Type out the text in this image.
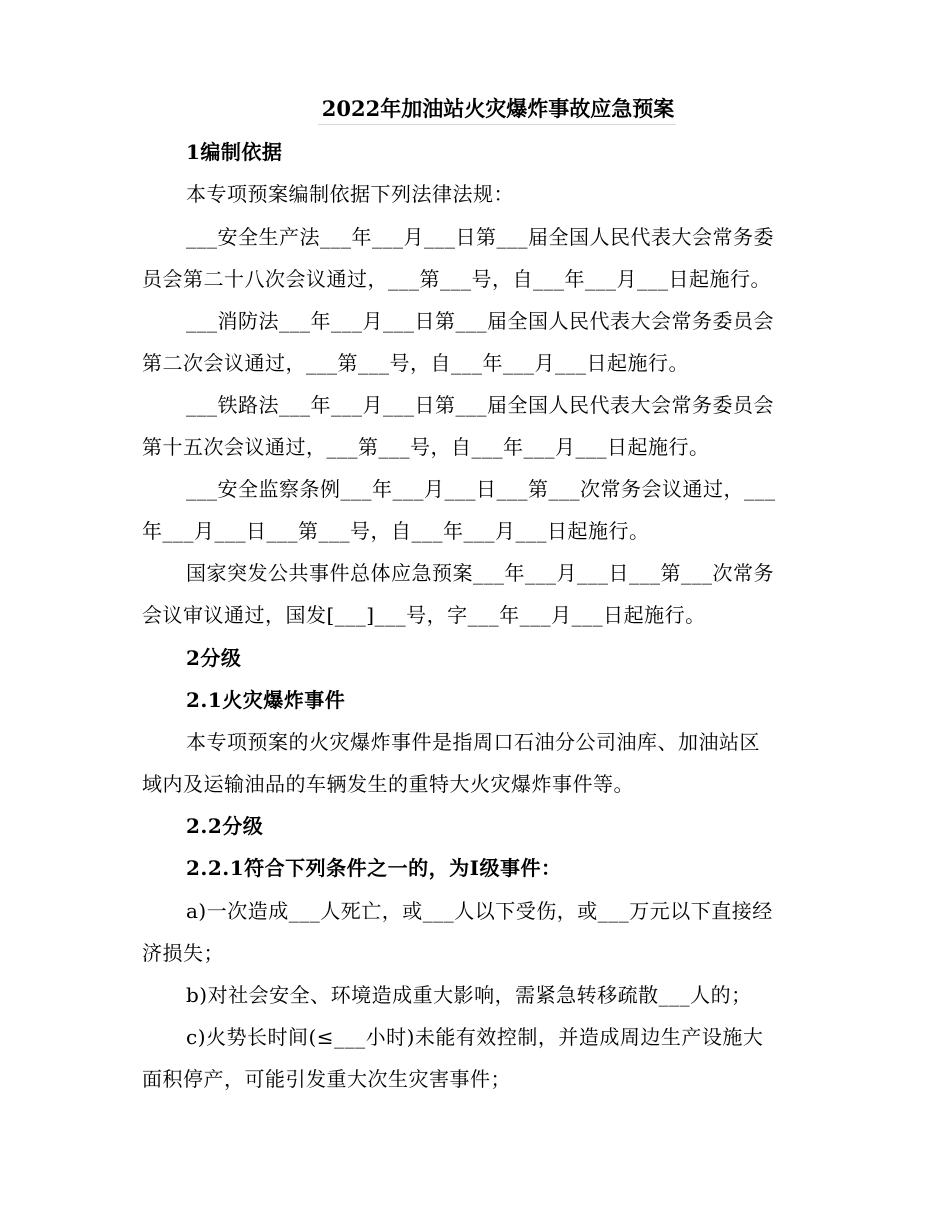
2022年加油站火灾爆炸事故应急预案
1编制依据
本专项预案编制依据下列法律法规：
___安全生产法___年___月___日第___届全国人民代表大会常务委
员会第二十八次会议通过，___第___号，自___年___月___日起施行。
___消防法___年___月___日第___届全国人民代表大会常务委员会
第二次会议通过，___第___号，自___年___月___日起施行。
___铁路法___年___月___日第___届全国人民代表大会常务委员会
第十五次会议通过，___第___号，自___年___月___日起施行。
___安全监察条例___年___月___日___第___次常务会议通过，___
年___月___日___第___号，自___年___月___日起施行。
国家突发公共事件总体应急预案___年___月___日___第___次常务
会议审议通过，国发[___]___号，字___年___月___日起施行。
2分级
2.1火灾爆炸事件
本专项预案的火灾爆炸事件是指周口石油分公司油库、加油站区
域内及运输油品的车辆发生的重特大火灾爆炸事件等。
2.2分级
2.2.1符合下列条件之一的，为Ⅰ级事件：
a)一次造成___人死亡，或___人以下受伤，或___万元以下直接经
济损失；
b)对社会安全、环境造成重大影响，需紧急转移疏散___人的；
c)火势长时间(≤___小时)未能有效控制，并造成周边生产设施大
面积停产，可能引发重大次生灾害事件；
